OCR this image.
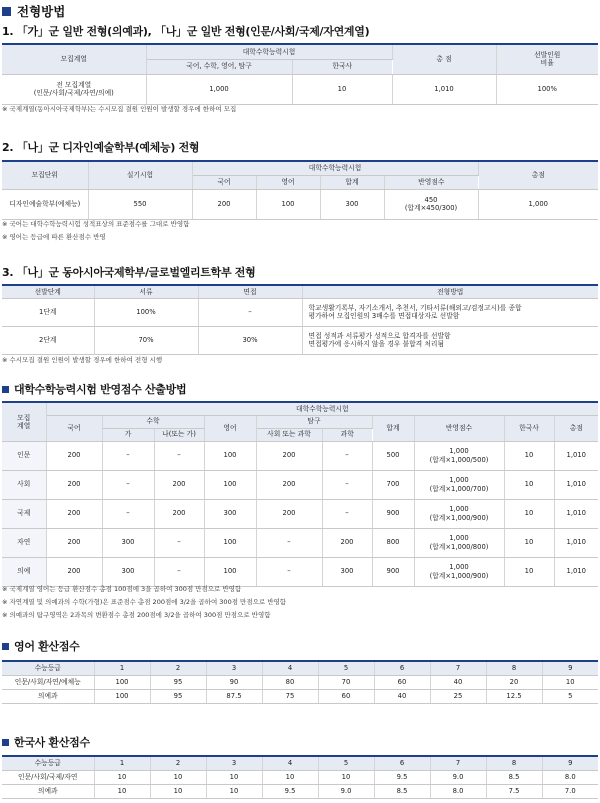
전형방법
1. 「가」군 일반 전형(의예과), 「나」군 일반 전형(인문/사회/국제/자연계열)
모집계열	대학수학능력시험		총 점	선발인원
비율
	국어, 수학, 영어, 탐구	한국사		
전 모집계열
(인문/사회/국제/자연/의예)	1,000	10	1,010	100%
※ 국제계열(동아시아국제학부)는 수시모집 결원 인원이 발생할 경우에 한하여 모집
2. 「나」군 디자인예술학부(예체능) 전형
모집단위	실기시험	대학수학능력시험				총점
		국어	영어	합계	반영점수	
디자인예술학부(예체능)	550	200	100	300	450
(합계×450/300)	1,000
※ 국어는 대학수학능력시험 성적표상의 표준점수를 그대로 반영함
※ 영어는 등급에 따른 환산점수 반영
3. 「나」군 동아시아국제학부/글로벌엘리트학부 전형
선발단계	서류	면접	전형방법
1단계	100%	–	학교생활기록부, 자기소개서, 추천서, 기타서류(해외고/검정고시)를 종합
평가하여 모집인원의 3배수를 면접대상자로 선발함
2단계	70%	30%	면접 성적과 서류평가 성적으로 합격자를 선발함
면접평가에 응시하지 않을 경우 불합격 처리됨
※ 수시모집 결원 인원이 발생할 경우에 한하여 전형 시행
대학수학능력시험 반영점수 산출방법
모집
계열	대학수학능력시험									
	국어	수학		영어	탐구		합계	반영점수	한국사	총점
		가	나(또는 가)		사회 또는 과학	과학				
인문	200	–	–	100	200	–	500	1,000
(합계×1,000/500)	10	1,010
사회	200	–	200	100	200	–	700	1,000
(합계×1,000/700)	10	1,010
국제	200	–	200	300	200	–	900	1,000
(합계×1,000/900)	10	1,010
자연	200	300	–	100	–	200	800	1,000
(합계×1,000/800)	10	1,010
의예	200	300	–	100	–	300	900	1,000
(합계×1,000/900)	10	1,010
※ 국제계열 영어는 등급 환산점수 총점 100점에 3을 곱하여 300점 만점으로 반영함
※ 자연계열 및 의예과의 수학(가형)은 표준점수 총점 200점에 3/2을 곱하여 300점 만점으로 반영함
※ 의예과의 탐구영역은 2과목의 변환점수 총점 200점에 3/2을 곱하여 300점 만점으로 반영함
영어 환산점수
수능등급	1	2	3	4	5	6	7	8	9
인문/사회/자연/예체능	100	95	90	80	70	60	40	20	10
의예과	100	95	87.5	75	60	40	25	12.5	5
한국사 환산점수
수능등급	1	2	3	4	5	6	7	8	9
인문/사회/국제/자연	10	10	10	10	10	9.5	9.0	8.5	8.0
의예과	10	10	10	9.5	9.0	8.5	8.0	7.5	7.0
